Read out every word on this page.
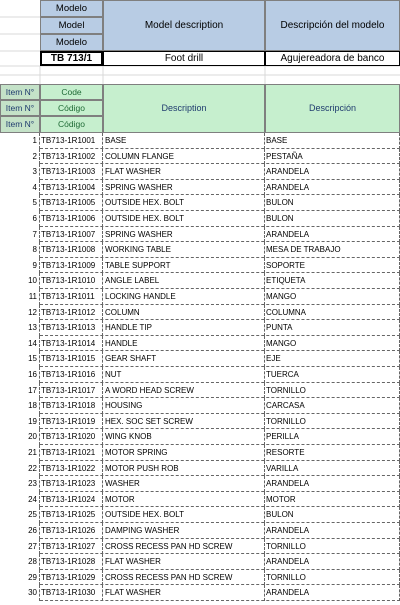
Modelo
Model
Modelo
Model description	Descripción del modelo
TB 713/1	Foot drill	Agujereadora de banco
Item N°
Item N°
Item N°
Code
Código
Código
Description	Descripción
1 TB713-1R1001	BASE	BASE
2 TB713-1R1002	COLUMN FLANGE	PESTAÑA
3 TB713-1R1003	FLAT WASHER	ARANDELA
4 TB713-1R1004	SPRING WASHER	ARANDELA
5 TB713-1R1005	OUTSIDE HEX. BOLT	BULON
6 TB713-1R1006	OUTSIDE HEX. BOLT	BULON
7 TB713-1R1007	SPRING WASHER	ARANDELA
8 TB713-1R1008	WORKING TABLE	MESA DE TRABAJO
9 TB713-1R1009	TABLE SUPPORT	SOPORTE
10 TB713-1R1010	ANGLE LABEL	ETIQUETA
11 TB713-1R1011	LOCKING HANDLE	MANGO
12 TB713-1R1012	COLUMN	COLUMNA
13 TB713-1R1013	HANDLE TIP	PUNTA
14 TB713-1R1014	HANDLE	MANGO
15 TB713-1R1015	GEAR SHAFT	EJE
16 TB713-1R1016	NUT	TUERCA
17 TB713-1R1017	A WORD HEAD SCREW	TORNILLO
18 TB713-1R1018	HOUSING	CARCASA
19 TB713-1R1019	HEX. SOC SET SCREW	TORNILLO
20 TB713-1R1020	WING KNOB	PERILLA
21 TB713-1R1021	MOTOR SPRING	RESORTE
22 TB713-1R1022	MOTOR PUSH ROB	VARILLA
23 TB713-1R1023	WASHER	ARANDELA
24 TB713-1R1024	MOTOR	MOTOR
25 TB713-1R1025	OUTSIDE HEX. BOLT	BULON
26 TB713-1R1026	DAMPING WASHER	ARANDELA
27 TB713-1R1027	CROSS RECESS PAN HD SCREW	TORNILLO
28 TB713-1R1028	FLAT WASHER	ARANDELA
29 TB713-1R1029	CROSS RECESS PAN HD SCREW	TORNILLO
30 TB713-1R1030	FLAT WASHER	ARANDELA
